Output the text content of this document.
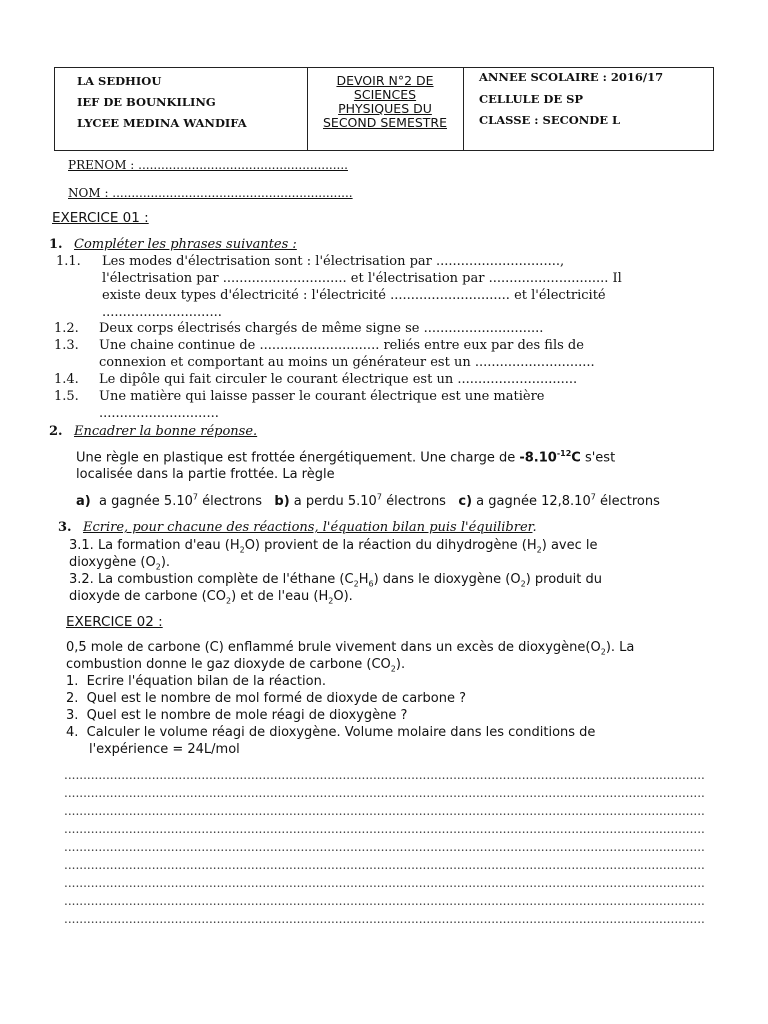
LA SEDHIOU
IEF DE BOUNKILING
LYCEE MEDINA WANDIFA
DEVOIR N°2 DE
SCIENCES
PHYSIQUES DU
SECOND SEMESTRE
ANNEE SCOLAIRE : 2016/17
CELLULE DE SP
CLASSE : SECONDE L
PRENOM : .......................................................
NOM : ...............................................................
EXERCICE 01 :
1. Compléter les phrases suivantes :
1.1. Les modes d'électrisation sont : l'électrisation par ..............................,
l'électrisation par .............................. et l'électrisation par ............................. Il
existe deux types d'électricité : l'électricité ............................. et l'électricité
.............................
1.2. Deux corps électrisés chargés de même signe se .............................
1.3. Une chaine continue de ............................. reliés entre eux par des fils de
connexion et comportant au moins un générateur est un .............................
1.4. Le dipôle qui fait circuler le courant électrique est un .............................
1.5. Une matière qui laisse passer le courant électrique est une matière
.............................
2. Encadrer la bonne réponse.
Une règle en plastique est frottée énergétiquement. Une charge de $-8.10^{-12}C$ s'est
localisée dans la partie frottée. La règle
a) a gagnée 5.10$^7$ électrons b) a perdu 5.10$^7$ électrons c) a gagnée 12,8.10$^7$ électrons
3. Ecrire, pour chacune des réactions, l'équation bilan puis l'équilibrer.
3.1. La formation d'eau $(H_2O)$ provient de la réaction du dihydrogène $(H_2)$ avec le
dioxygène $(O_2)$.
3.2. La combustion complète de l'éthane $(C_2H_6)$ dans le dioxygène $(O_2)$ produit du
dioxyde de carbone $(CO_2)$ et de l'eau $(H_2O)$.
EXERCICE 02 :
0,5 mole de carbone (C) enflammé brule vivement dans un excès de $dioxygène(O_2)$. La
combustion donne le gaz dioxyde de carbone $(CO_2)$.
1. Ecrire l'équation bilan de la réaction.
2. Quel est le nombre de mol formé de dioxyde de carbone ?
3. Quel est le nombre de mole réagi de dioxygène ?
4. Calculer le volume réagi de dioxygène. Volume molaire dans les conditions de
l'expérience = 24L/mol
........................................................................................................................................................................
........................................................................................................................................................................
........................................................................................................................................................................
........................................................................................................................................................................
........................................................................................................................................................................
........................................................................................................................................................................
........................................................................................................................................................................
........................................................................................................................................................................
........................................................................................................................................................................
